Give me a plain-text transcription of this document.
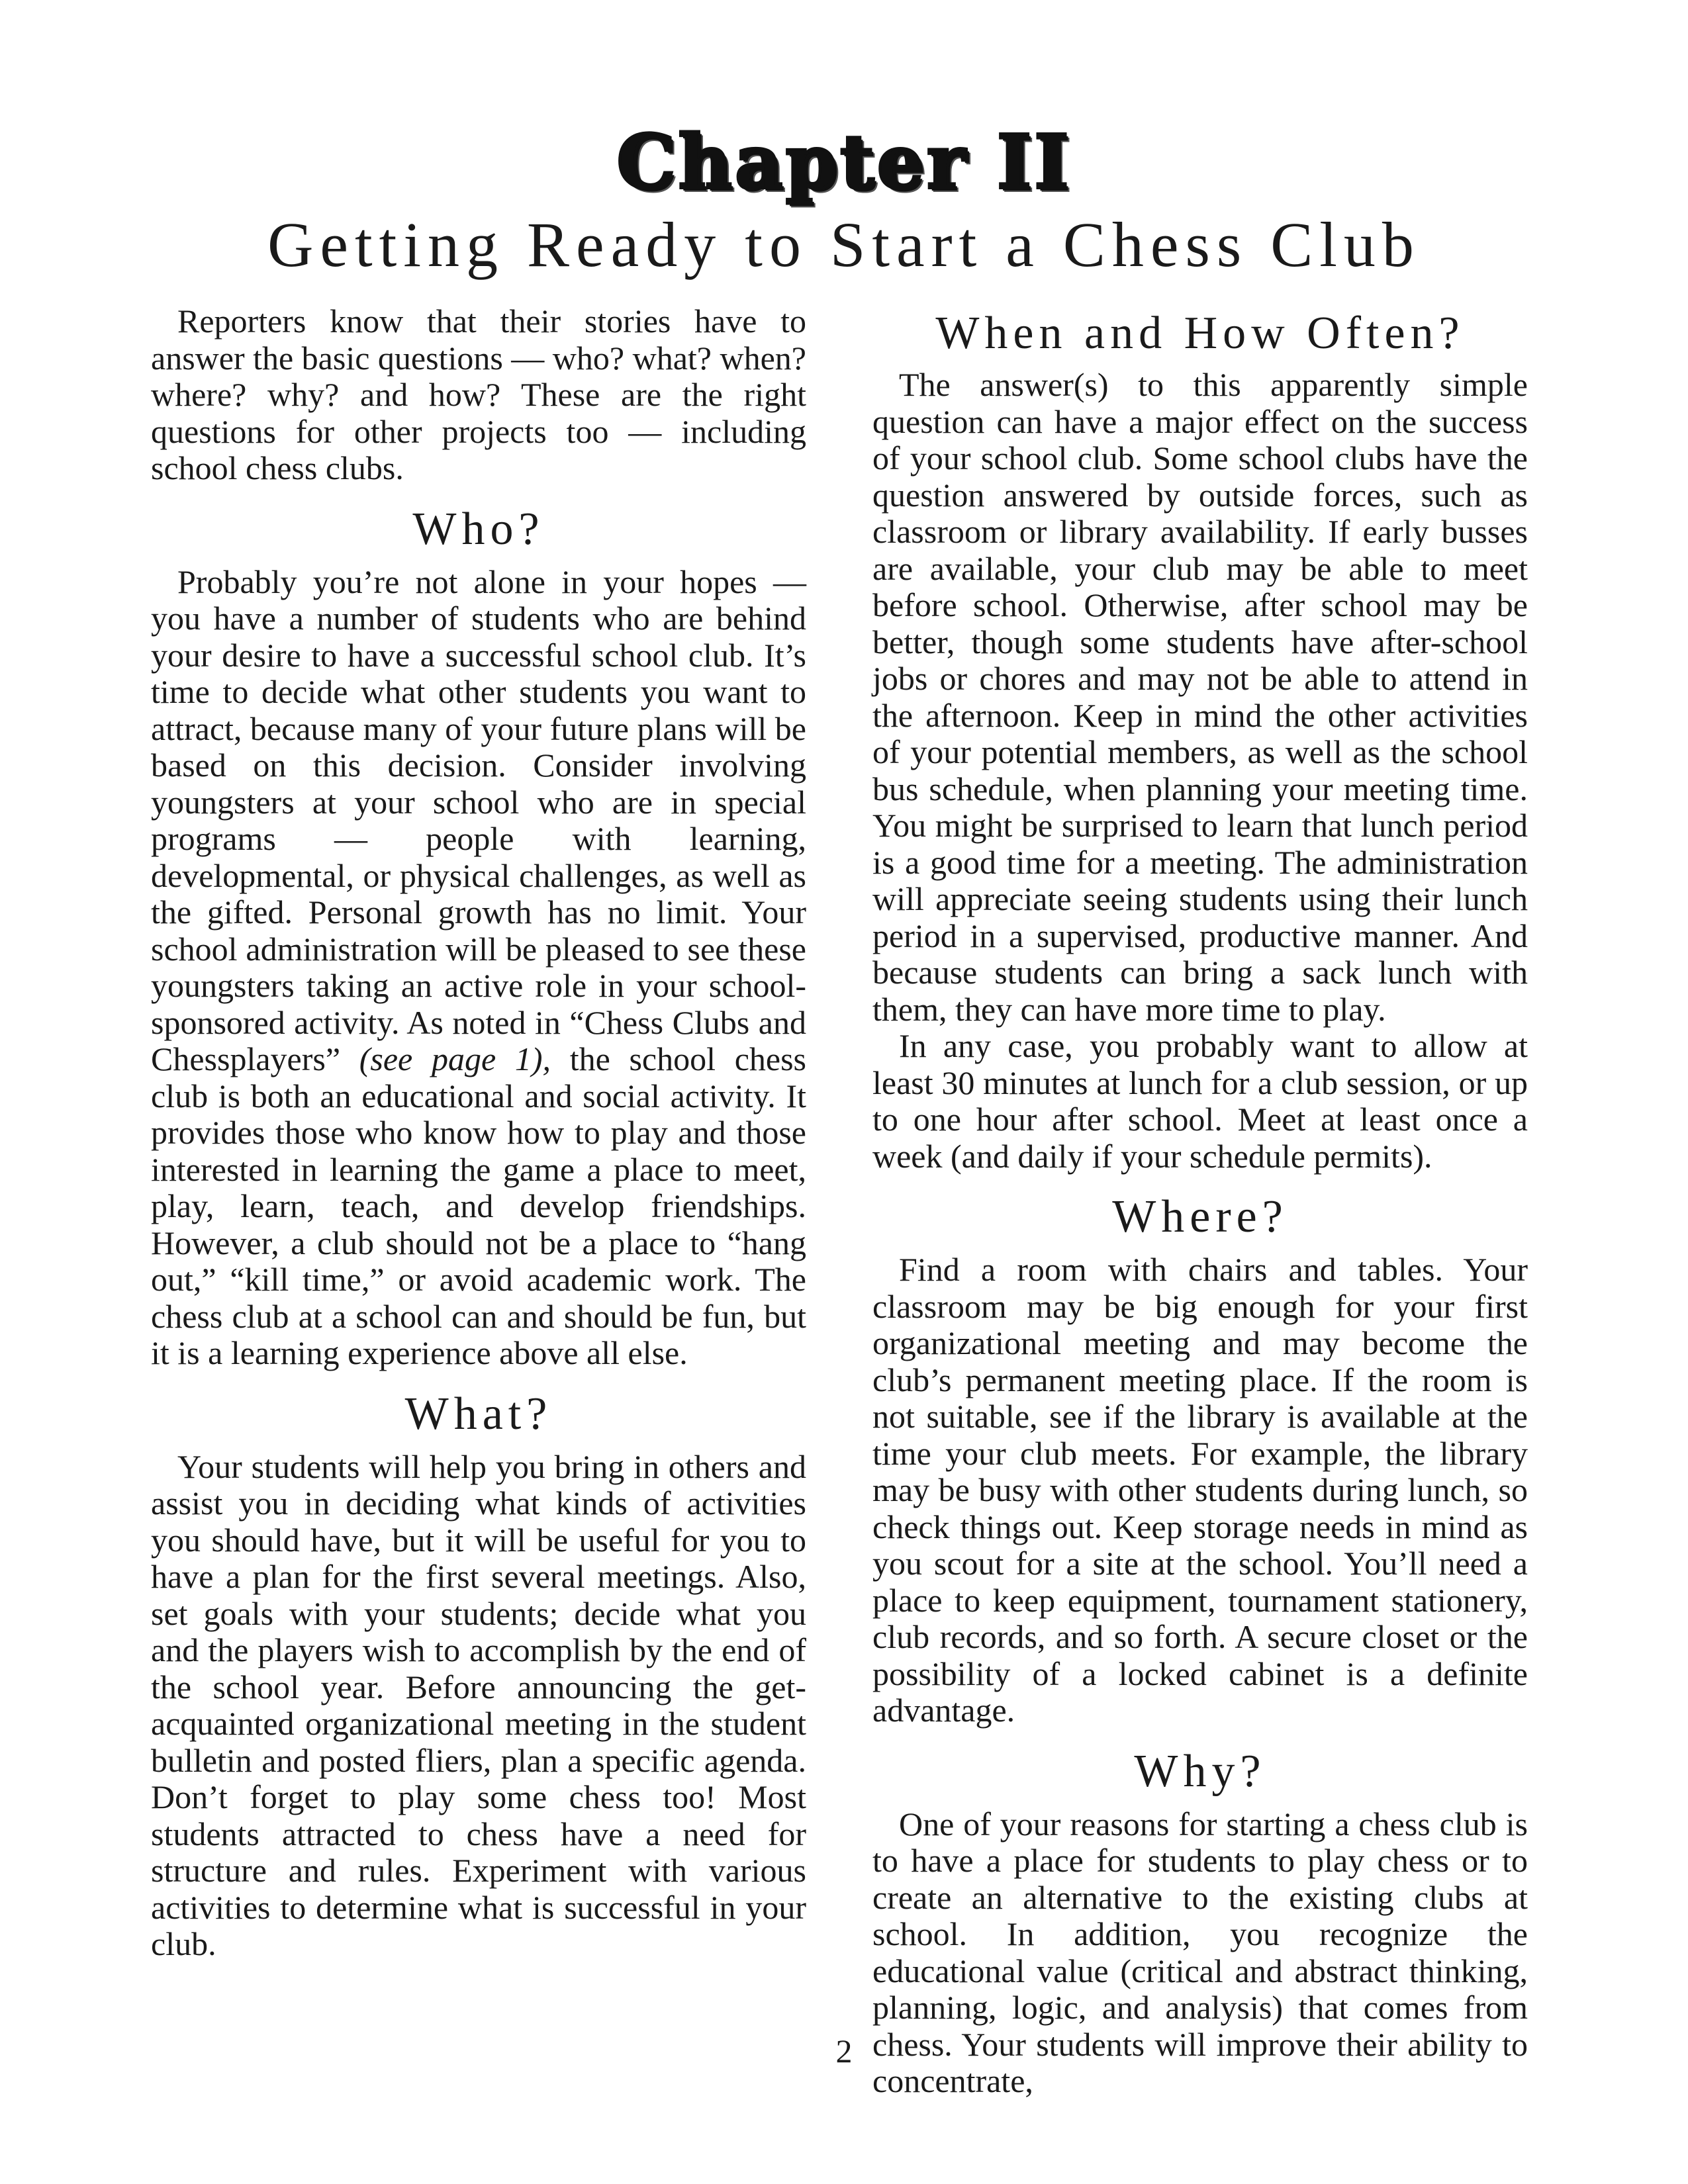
Chapter II
Getting Ready to Start a Chess Club

Reporters know that their stories have to answer the basic questions — who? what? when? where? why? and how? These are the right questions for other projects too — including school chess clubs.

Who?

Probably you’re not alone in your hopes — you have a number of students who are behind your desire to have a successful school club. It’s time to decide what other students you want to attract, because many of your future plans will be based on this decision. Consider involving youngsters at your school who are in special programs — people with learning, developmental, or physical challenges, as well as the gifted. Personal growth has no limit. Your school administration will be pleased to see these youngsters taking an active role in your school-sponsored activity. As noted in “Chess Clubs and Chessplayers” (see page 1), the school chess club is both an educational and social activity. It provides those who know how to play and those interested in learning the game a place to meet, play, learn, teach, and develop friendships. However, a club should not be a place to “hang out,” “kill time,” or avoid academic work. The chess club at a school can and should be fun, but it is a learning experience above all else.

What?

Your students will help you bring in others and assist you in deciding what kinds of activities you should have, but it will be useful for you to have a plan for the first several meetings. Also, set goals with your students; decide what you and the players wish to accomplish by the end of the school year. Before announcing the get-acquainted organizational meeting in the student bulletin and posted fliers, plan a specific agenda. Don’t forget to play some chess too! Most students attracted to chess have a need for structure and rules. Experiment with various activities to determine what is successful in your club.

When and How Often?

The answer(s) to this apparently simple question can have a major effect on the success of your school club. Some school clubs have the question answered by outside forces, such as classroom or library availability. If early busses are available, your club may be able to meet before school. Otherwise, after school may be better, though some students have after-school jobs or chores and may not be able to attend in the afternoon. Keep in mind the other activities of your potential members, as well as the school bus schedule, when planning your meeting time. You might be surprised to learn that lunch period is a good time for a meeting. The administration will appreciate seeing students using their lunch period in a supervised, productive manner. And because students can bring a sack lunch with them, they can have more time to play.

In any case, you probably want to allow at least 30 minutes at lunch for a club session, or up to one hour after school. Meet at least once a week (and daily if your schedule permits).

Where?

Find a room with chairs and tables. Your classroom may be big enough for your first organizational meeting and may become the club’s permanent meeting place. If the room is not suitable, see if the library is available at the time your club meets. For example, the library may be busy with other students during lunch, so check things out. Keep storage needs in mind as you scout for a site at the school. You’ll need a place to keep equipment, tournament stationery, club records, and so forth. A secure closet or the possibility of a locked cabinet is a definite advantage.

Why?

One of your reasons for starting a chess club is to have a place for students to play chess or to create an alternative to the existing clubs at school. In addition, you recognize the educational value (critical and abstract thinking, planning, logic, and analysis) that comes from chess. Your students will improve their ability to concentrate,

2
